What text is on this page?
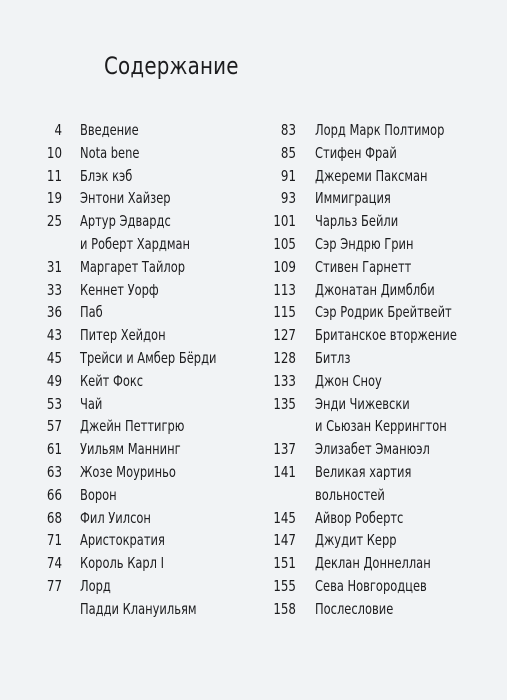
Содержание
4 Введение
10 Nota bene
11 Блэк кэб
19 Энтони Хайзер
25 Артур Эдвардс
и Роберт Хардман
31 Маргарет Тайлор
33 Кеннет Уорф
36 Паб
43 Питер Хейдон
45 Трейси и Амбер Бёрди
49 Кейт Фокс
53 Чай
57 Джейн Петтигрю
61 Уильям Маннинг
63 Жозе Моуриньо
66 Ворон
68 Фил Уилсон
71 Аристократия
74 Король Карл I
77 Лорд
Падди Клануильям
83 Лорд Марк Полтимор
85 Стифен Фрай
91 Джереми Паксман
93 Иммиграция
101 Чарльз Бейли
105 Сэр Эндрю Грин
109 Стивен Гарнетт
113 Джонатан Димблби
115 Сэр Родрик Брейтвейт
127 Британское вторжение
128 Битлз
133 Джон Сноу
135 Энди Чижевски
и Сьюзан Керрингтон
137 Элизабет Эманюэл
141 Великая хартия
вольностей
145 Айвор Робертс
147 Джудит Керр
151 Деклан Доннеллан
155 Сева Новгородцев
158 Послесловие
